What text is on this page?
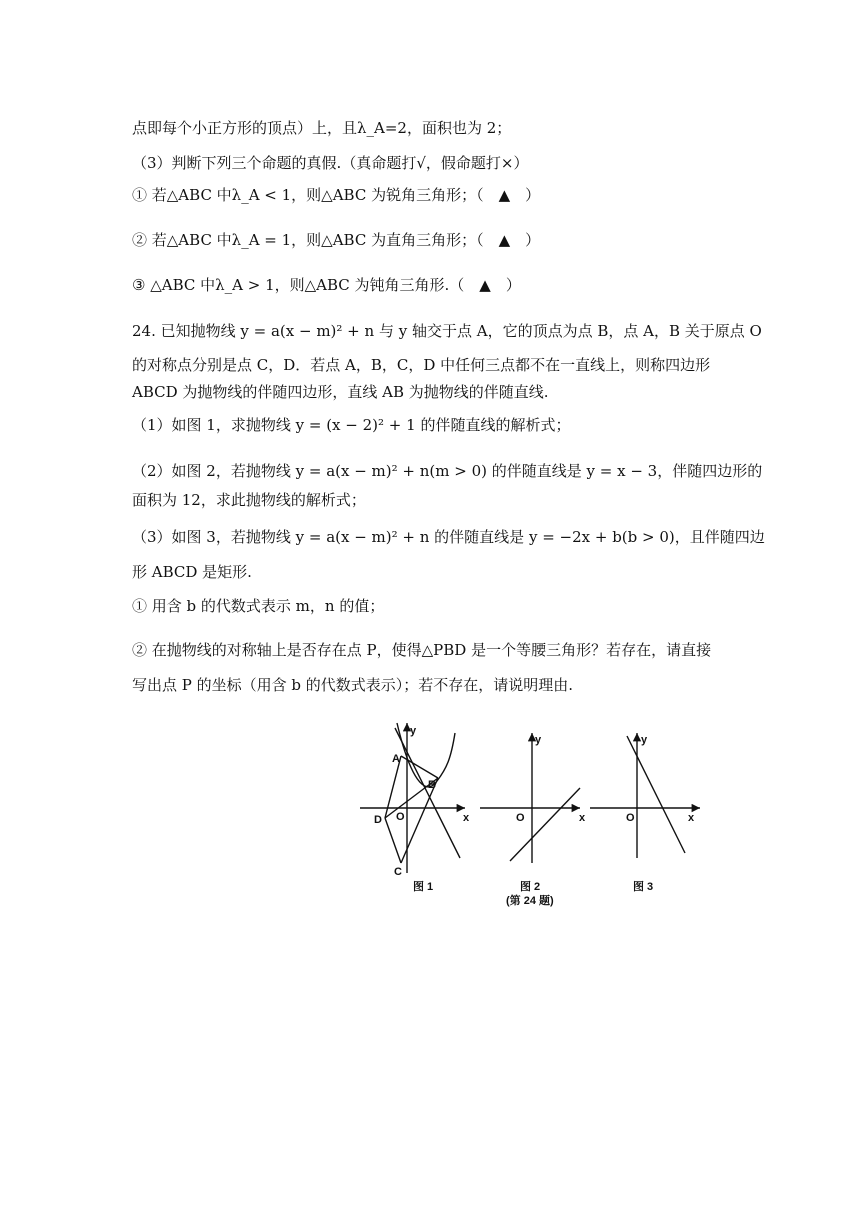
点即每个小正方形的顶点）上，且λ_A=2，面积也为 2；
（3）判断下列三个命题的真假.（真命题打√，假命题打×）
① 若△ABC 中λ_A < 1，则△ABC 为锐角三角形；（　▲　）
② 若△ABC 中λ_A = 1，则△ABC 为直角三角形；（　▲　）
③ △ABC 中λ_A > 1，则△ABC 为钝角三角形.（　▲　）
24. 已知抛物线 y = a(x − m)² + n 与 y 轴交于点 A，它的顶点为点 B，点 A，B 关于原点 O
的对称点分别是点 C，D．若点 A，B，C，D 中任何三点都不在一直线上，则称四边形
ABCD 为抛物线的伴随四边形，直线 AB 为抛物线的伴随直线.
（1）如图 1，求抛物线 y = (x − 2)² + 1 的伴随直线的解析式；
（2）如图 2，若抛物线 y = a(x − m)² + n(m > 0) 的伴随直线是 y = x − 3，伴随四边形的
面积为 12，求此抛物线的解析式；
（3）如图 3，若抛物线 y = a(x − m)² + n 的伴随直线是 y = −2x + b(b > 0)，且伴随四边
形 ABCD 是矩形.
① 用含 b 的代数式表示 m，n 的值；
② 在抛物线的对称轴上是否存在点 P，使得△PBD 是一个等腰三角形？若存在，请直接
写出点 P 的坐标（用含 b 的代数式表示）；若不存在，请说明理由.
y
x
A
B
C
D O
图 1
y
x
O
图 2
(第 24 题)
y
x
O
图 3
